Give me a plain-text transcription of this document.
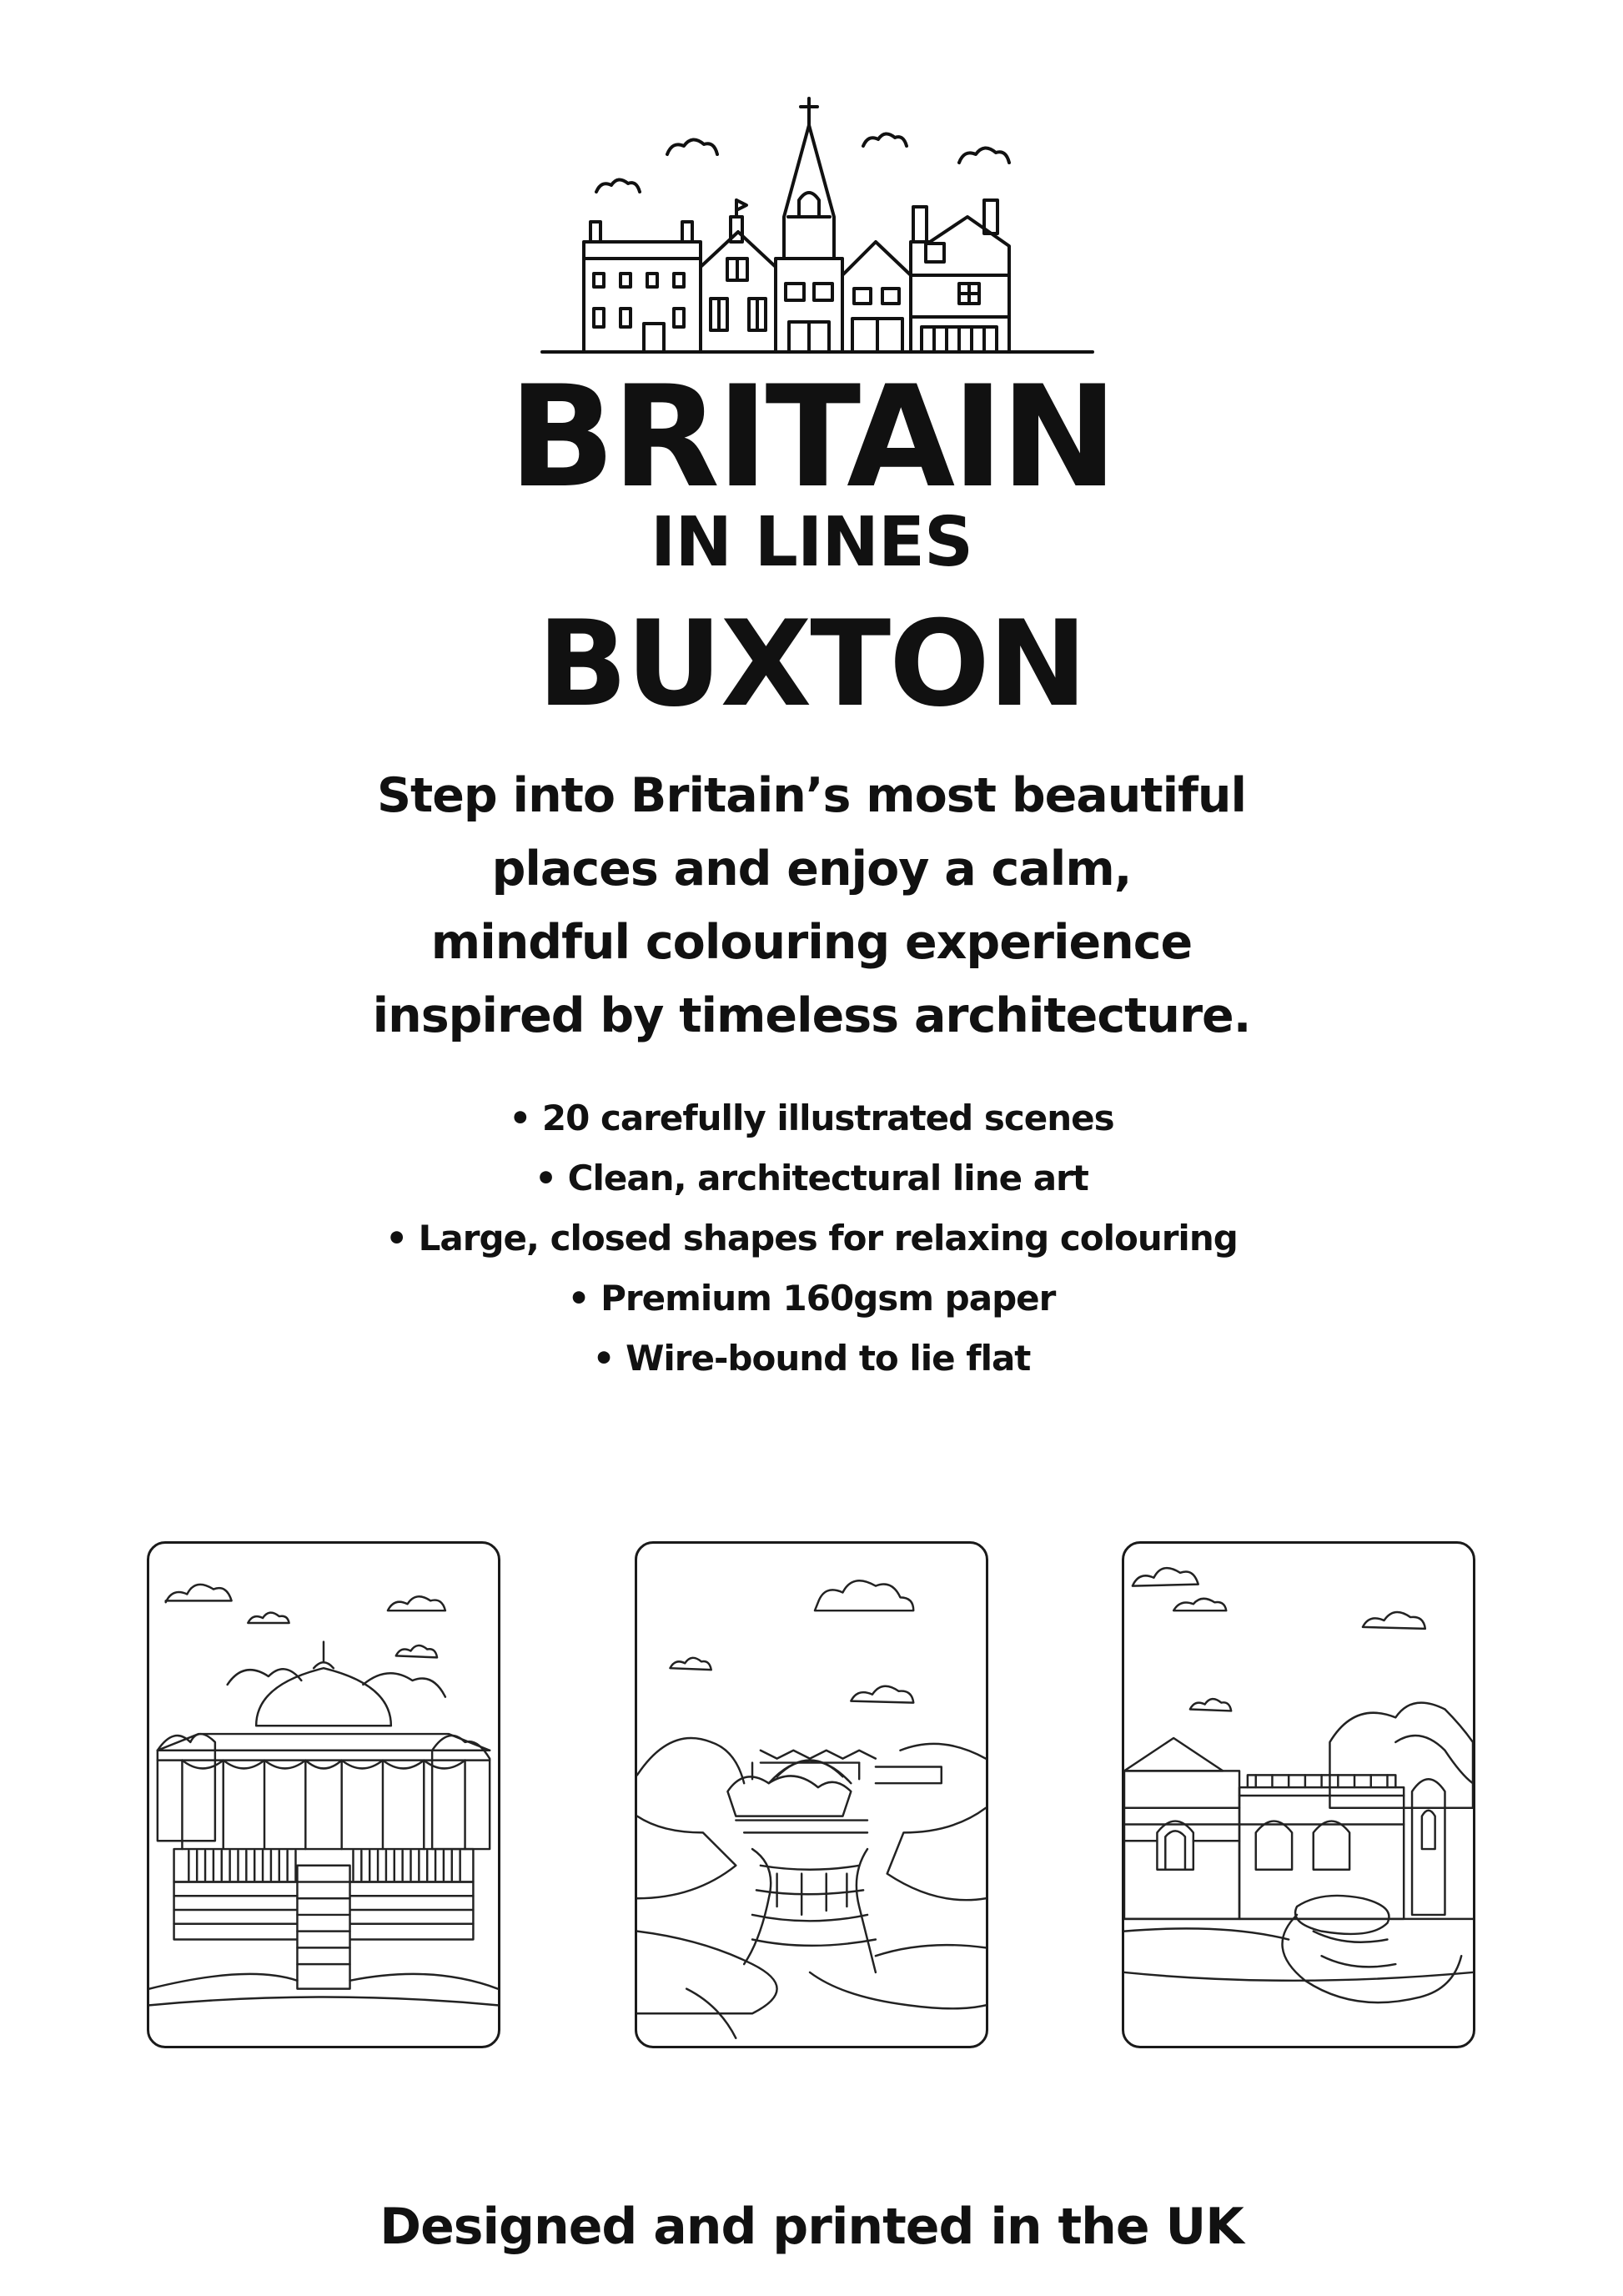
BRITAIN
IN LINES
BUXTON
Step into Britain’s most beautiful
places and enjoy a calm,
mindful colouring experience
inspired by timeless architecture.
• 20 carefully illustrated scenes
• Clean, architectural line art
• Large, closed shapes for relaxing colouring
• Premium 160gsm paper
• Wire-bound to lie flat
Designed and printed in the UK
